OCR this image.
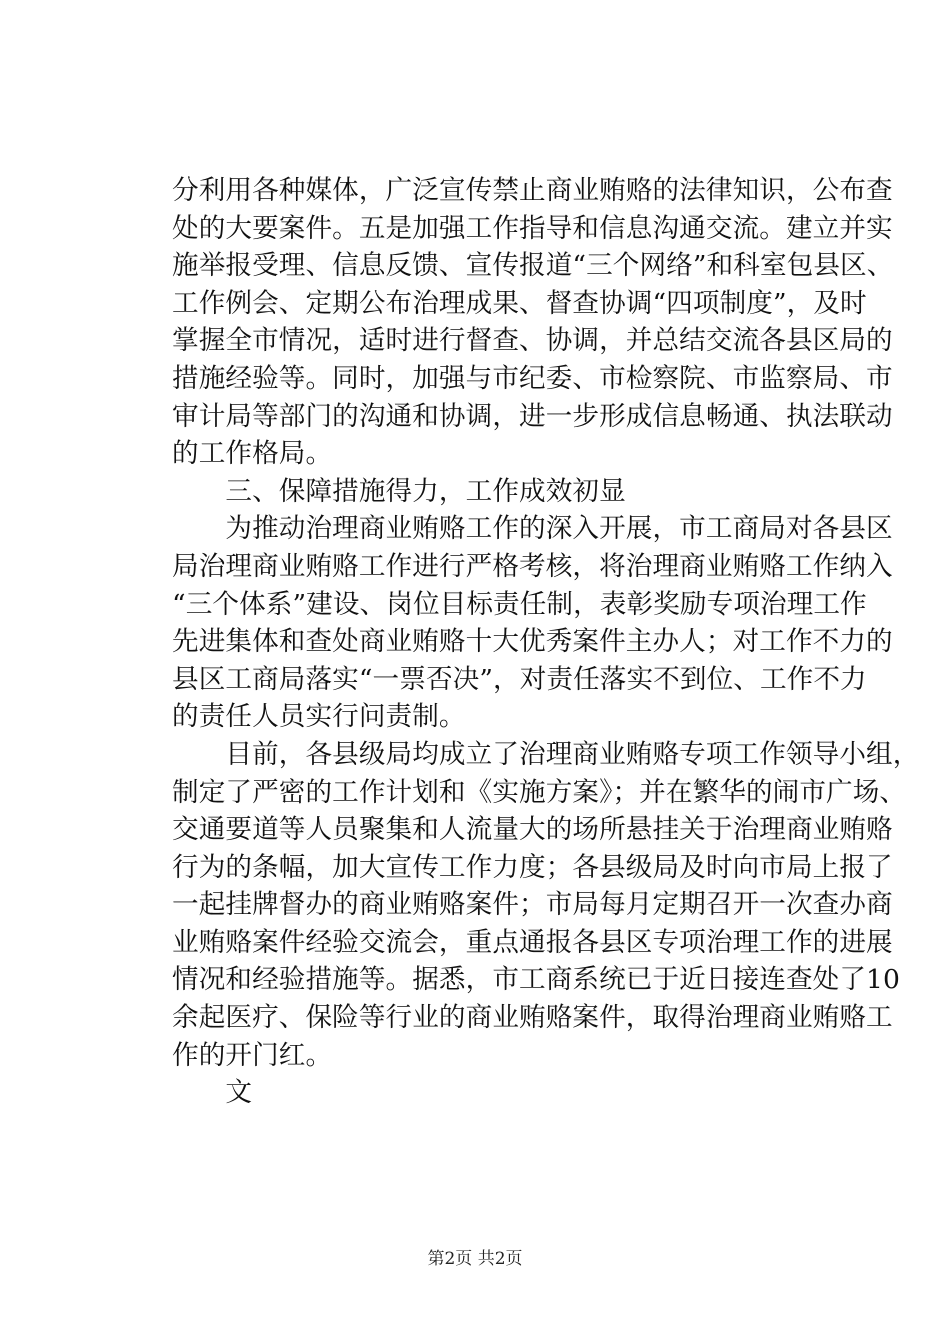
分利用各种媒体，广泛宣传禁止商业贿赂的法律知识，公布查
处的大要案件。五是加强工作指导和信息沟通交流。建立并实
施举报受理、信息反馈、宣传报道“三个网络”和科室包县区、
工作例会、定期公布治理成果、督查协调“四项制度”，及时
掌握全市情况，适时进行督查、协调，并总结交流各县区局的
措施经验等。同时，加强与市纪委、市检察院、市监察局、市
审计局等部门的沟通和协调，进一步形成信息畅通、执法联动
的工作格局。
　　三、保障措施得力，工作成效初显
　　为推动治理商业贿赂工作的深入开展，市工商局对各县区
局治理商业贿赂工作进行严格考核，将治理商业贿赂工作纳入
“三个体系”建设、岗位目标责任制，表彰奖励专项治理工作
先进集体和查处商业贿赂十大优秀案件主办人；对工作不力的
县区工商局落实“一票否决”，对责任落实不到位、工作不力
的责任人员实行问责制。
　　目前，各县级局均成立了治理商业贿赂专项工作领导小组，
制定了严密的工作计划和《实施方案》；并在繁华的闹市广场、
交通要道等人员聚集和人流量大的场所悬挂关于治理商业贿赂
行为的条幅，加大宣传工作力度；各县级局及时向市局上报了
一起挂牌督办的商业贿赂案件；市局每月定期召开一次查办商
业贿赂案件经验交流会，重点通报各县区专项治理工作的进展
情况和经验措施等。据悉，市工商系统已于近日接连查处了10
余起医疗、保险等行业的商业贿赂案件，取得治理商业贿赂工
作的开门红。
　　文
第2页 共2页
